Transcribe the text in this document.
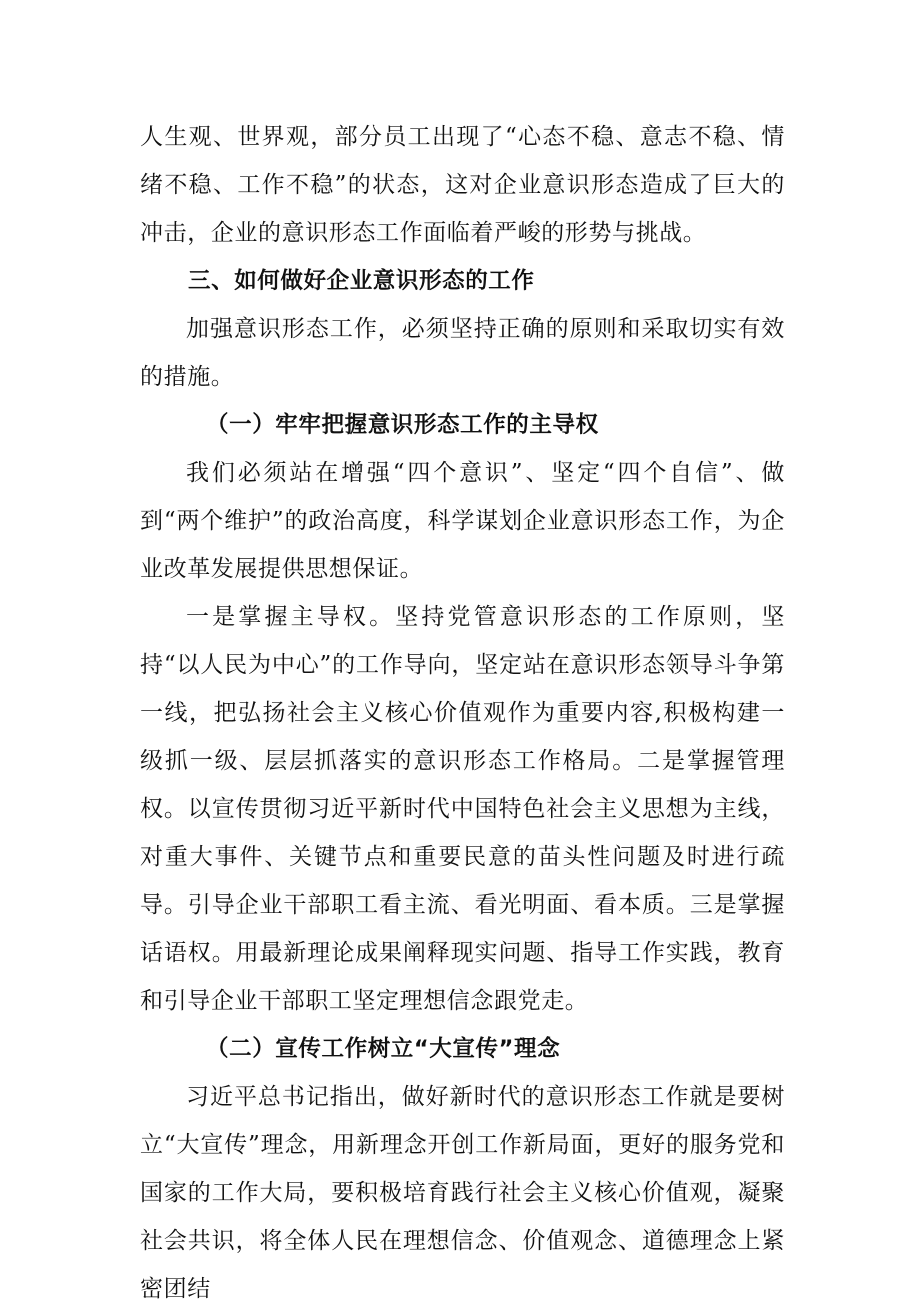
人生观、世界观，部分员工出现了“心态不稳、意志不稳、情绪不稳、工作不稳”的状态，这对企业意识形态造成了巨大的冲击，企业的意识形态工作面临着严峻的形势与挑战。

三、如何做好企业意识形态的工作

加强意识形态工作，必须坚持正确的原则和采取切实有效的措施。

（一）牢牢把握意识形态工作的主导权

我们必须站在增强“四个意识”、坚定“四个自信”、做到“两个维护”的政治高度，科学谋划企业意识形态工作，为企业改革发展提供思想保证。

一是掌握主导权。坚持党管意识形态的工作原则，坚持“以人民为中心”的工作导向，坚定站在意识形态领导斗争第一线，把弘扬社会主义核心价值观作为重要内容,积极构建一级抓一级、层层抓落实的意识形态工作格局。二是掌握管理权。以宣传贯彻习近平新时代中国特色社会主义思想为主线，对重大事件、关键节点和重要民意的苗头性问题及时进行疏导。引导企业干部职工看主流、看光明面、看本质。三是掌握话语权。用最新理论成果阐释现实问题、指导工作实践，教育和引导企业干部职工坚定理想信念跟党走。

（二）宣传工作树立“大宣传”理念

习近平总书记指出，做好新时代的意识形态工作就是要树立“大宣传”理念，用新理念开创工作新局面，更好的服务党和国家的工作大局，要积极培育践行社会主义核心价值观，凝聚社会共识，将全体人民在理想信念、价值观念、道德理念上紧密团结
